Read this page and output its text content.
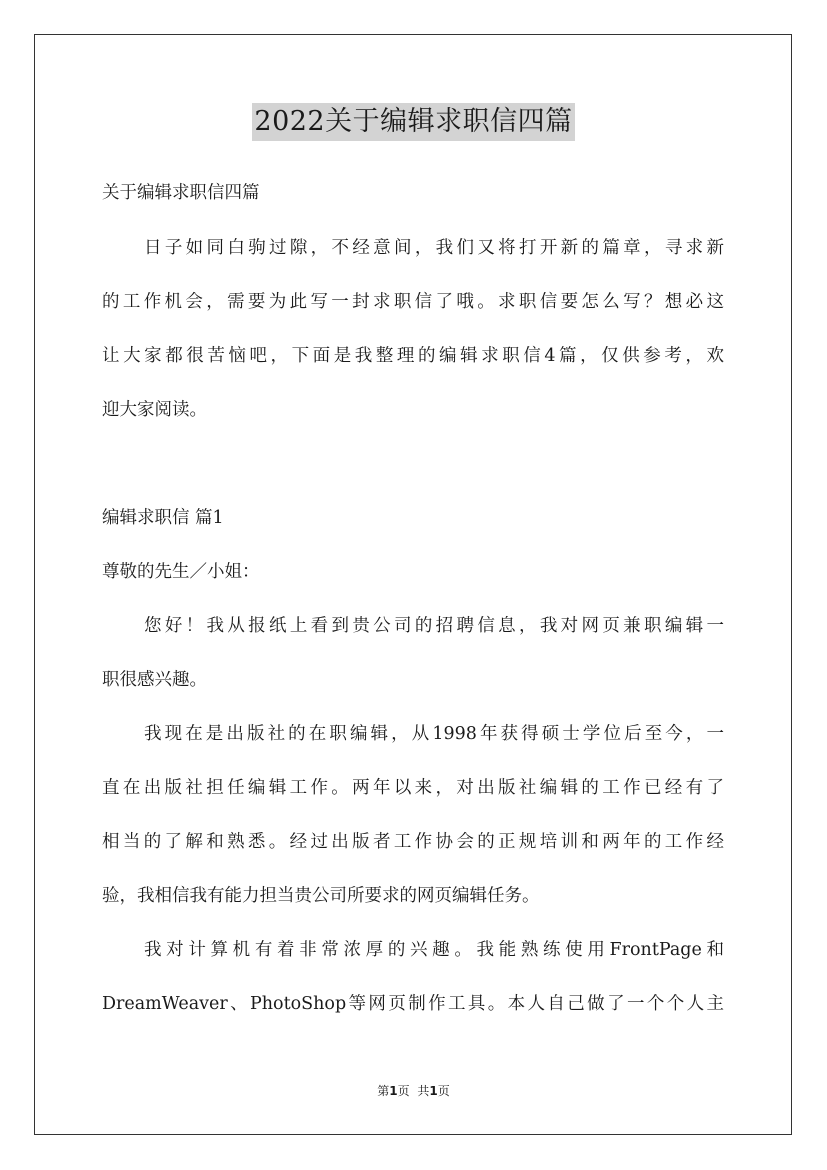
2022关于编辑求职信四篇
关于编辑求职信四篇
日子如同白驹过隙，不经意间，我们又将打开新的篇章，寻求新
的工作机会，需要为此写一封求职信了哦。求职信要怎么写？想必这
让大家都很苦恼吧，下面是我整理的编辑求职信4篇，仅供参考，欢
迎大家阅读。
编辑求职信 篇1
尊敬的先生／小姐：
您好！我从报纸上看到贵公司的招聘信息，我对网页兼职编辑一
职很感兴趣。
我现在是出版社的在职编辑，从1998年获得硕士学位后至今，一
直在出版社担任编辑工作。两年以来，对出版社编辑的工作已经有了
相当的了解和熟悉。经过出版者工作协会的正规培训和两年的工作经
验，我相信我有能力担当贵公司所要求的网页编辑任务。
我对计算机有着非常浓厚的兴趣。我能熟练使用FrontPage和
DreamWeaver、PhotoShop等网页制作工具。本人自己做了一个个人主
第1页 共1页
